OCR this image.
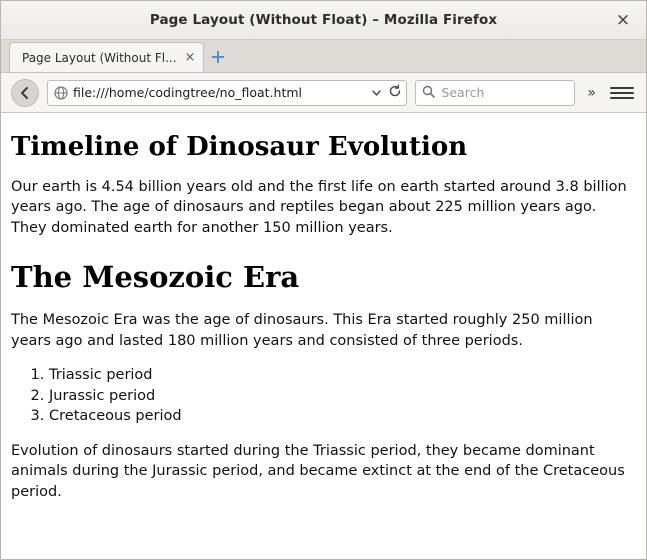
Page Layout (Without Float) – Mozilla Firefox	×
Page Layout (Without Fl... ×
file:///home/codingtree/no_float.html	Search	»
Timeline of Dinosaur Evolution

Our earth is 4.54 billion years old and the first life on earth started around 3.8 billion years ago. The age of dinosaurs and reptiles began about 225 million years ago. They dominated earth for another 150 million years.

The Mesozoic Era

The Mesozoic Era was the age of dinosaurs. This Era started roughly 250 million years ago and lasted 180 million years and consisted of three periods.

1. Triassic period
2. Jurassic period
3. Cretaceous period

Evolution of dinosaurs started during the Triassic period, they became dominant animals during the Jurassic period, and became extinct at the end of the Cretaceous period.
